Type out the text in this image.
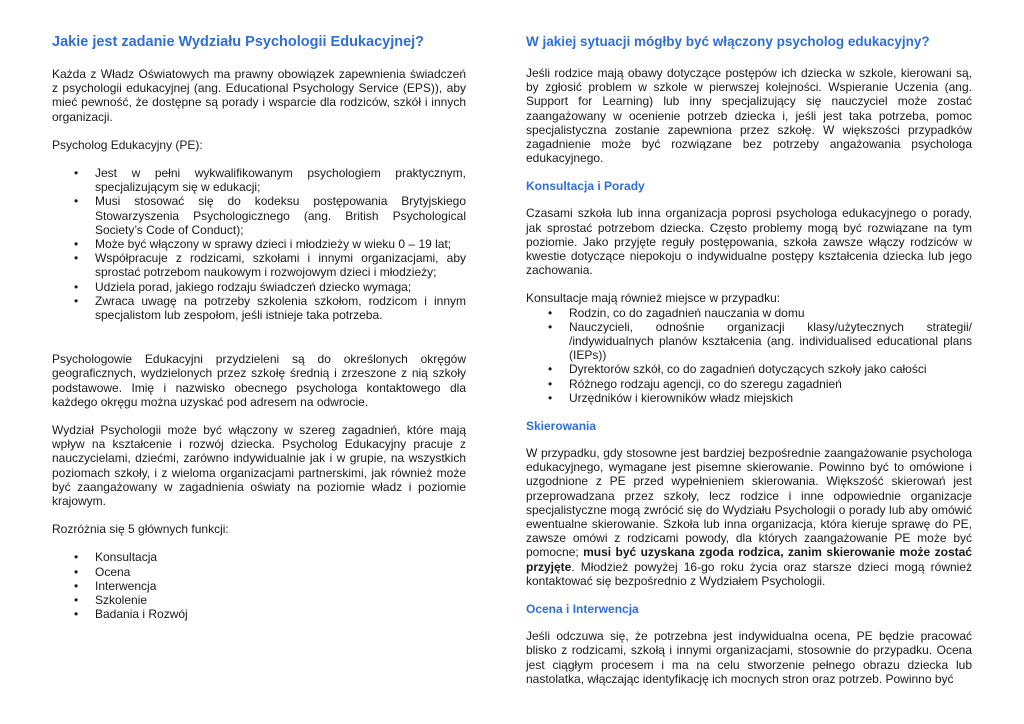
Jakie jest zadanie Wydziału Psychologii Edukacyjnej?

Każda z Władz Oświatowych ma prawny obowiązek zapewnienia świadczeń z psychologii edukacyjnej (ang. Educational Psychology Service (EPS)), aby mieć pewność, że dostępne są porady i wsparcie dla rodziców, szkół i innych organizacji.

Psycholog Edukacyjny (PE):

• Jest w pełni wykwalifikowanym psychologiem praktycznym, specjalizującym się w edukacji;
• Musi stosować się do kodeksu postępowania Brytyjskiego Stowarzyszenia Psychologicznego (ang. British Psychological Society’s Code of Conduct);
• Może być włączony w sprawy dzieci i młodzieży w wieku 0 – 19 lat;
• Współpracuje z rodzicami, szkołami i innymi organizacjami, aby sprostać potrzebom naukowym i rozwojowym dzieci i młodzieży;
• Udziela porad, jakiego rodzaju świadczeń dziecko wymaga;
• Zwraca uwagę na potrzeby szkolenia szkołom, rodzicom i innym specjalistom lub zespołom, jeśli istnieje taka potrzeba.

Psychologowie Edukacyjni przydzieleni są do określonych okręgów geograficznych, wydzielonych przez szkołę średnią i zrzeszone z nią szkoły podstawowe. Imię i nazwisko obecnego psychologa kontaktowego dla każdego okręgu można uzyskać pod adresem na odwrocie.

Wydział Psychologii może być włączony w szereg zagadnień, które mają wpływ na kształcenie i rozwój dziecka. Psycholog Edukacyjny pracuje z nauczycielami, dziećmi, zarówno indywidualnie jak i w grupie, na wszystkich poziomach szkoły, i z wieloma organizacjami partnerskimi, jak również może być zaangażowany w zagadnienia oświaty na poziomie władz i poziomie krajowym.

Rozróżnia się 5 głównych funkcji:

• Konsultacja
• Ocena
• Interwencja
• Szkolenie
• Badania i Rozwój
W jakiej sytuacji mógłby być włączony psycholog edukacyjny?

Jeśli rodzice mają obawy dotyczące postępów ich dziecka w szkole, kierowani są, by zgłosić problem w szkole w pierwszej kolejności. Wspieranie Uczenia (ang. Support for Learning) lub inny specjalizujący się nauczyciel może zostać zaangażowany w ocenienie potrzeb dziecka i, jeśli jest taka potrzeba, pomoc specjalistyczna zostanie zapewniona przez szkołę. W większości przypadków zagadnienie może być rozwiązane bez potrzeby angażowania psychologa edukacyjnego.

Konsultacja i Porady

Czasami szkoła lub inna organizacja poprosi psychologa edukacyjnego o porady, jak sprostać potrzebom dziecka. Często problemy mogą być rozwiązane na tym poziomie. Jako przyjęte reguły postępowania, szkoła zawsze włączy rodziców w kwestie dotyczące niepokoju o indywidualne postępy kształcenia dziecka lub jego zachowania.

Konsultacje mają również miejsce w przypadku:

• Rodzin, co do zagadnień nauczania w domu
• Nauczycieli, odnośnie organizacji klasy/użytecznych strategii/ /indywidualnych planów kształcenia (ang. individualised educational plans (IEPs))
• Dyrektorów szkół, co do zagadnień dotyczących szkoły jako całości
• Różnego rodzaju agencji, co do szeregu zagadnień
• Urzędników i kierowników władz miejskich
Skierowania

W przypadku, gdy stosowne jest bardziej bezpośrednie zaangażowanie psychologa edukacyjnego, wymagane jest pisemne skierowanie. Powinno być to omówione i uzgodnione z PE przed wypełnieniem skierowania. Większość skierowań jest przeprowadzana przez szkoły, lecz rodzice i inne odpowiednie organizacje specjalistyczne mogą zwrócić się do Wydziału Psychologii o porady lub aby omówić ewentualne skierowanie. Szkoła lub inna organizacja, która kieruje sprawę do PE, zawsze omówi z rodzicami powody, dla których zaangażowanie PE może być pomocne; musi być uzyskana zgoda rodzica, zanim skierowanie może zostać przyjęte. Młodzież powyżej 16-go roku życia oraz starsze dzieci mogą również kontaktować się bezpośrednio z Wydziałem Psychologii.

Ocena i Interwencja

Jeśli odczuwa się, że potrzebna jest indywidualna ocena, PE będzie pracować blisko z rodzicami, szkołą i innymi organizacjami, stosownie do przypadku. Ocena jest ciągłym procesem i ma na celu stworzenie pełnego obrazu dziecka lub nastolatka, włączając identyfikację ich mocnych stron oraz potrzeb. Powinno być
